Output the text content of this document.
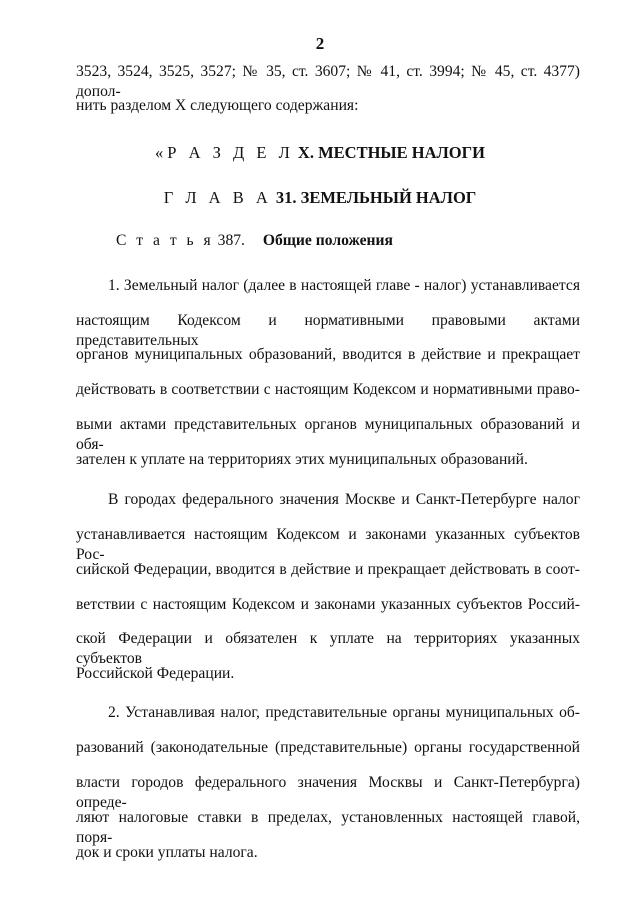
2
3523, 3524, 3525, 3527; № 35, ст. 3607; № 41, ст. 3994; № 45, ст. 4377) допол-
нить разделом X следующего содержания:
«Р А З Д Е Л X. МЕСТНЫЕ НАЛОГИ
Г Л А В А 31. ЗЕМЕЛЬНЫЙ НАЛОГ
С т а т ь я 387. Общие положения
1. Земельный налог (далее в настоящей главе - налог) устанавливается
настоящим Кодексом и нормативными правовыми актами представительных
органов муниципальных образований, вводится в действие и прекращает
действовать в соответствии с настоящим Кодексом и нормативными право-
выми актами представительных органов муниципальных образований и обя-
зателен к уплате на территориях этих муниципальных образований.
В городах федерального значения Москве и Санкт-Петербурге налог
устанавливается настоящим Кодексом и законами указанных субъектов Рос-
сийской Федерации, вводится в действие и прекращает действовать в соот-
ветствии с настоящим Кодексом и законами указанных субъектов Россий-
ской Федерации и обязателен к уплате на территориях указанных субъектов
Российской Федерации.
2. Устанавливая налог, представительные органы муниципальных об-
разований (законодательные (представительные) органы государственной
власти городов федерального значения Москвы и Санкт-Петербурга) опреде-
ляют налоговые ставки в пределах, установленных настоящей главой, поря-
док и сроки уплаты налога.
